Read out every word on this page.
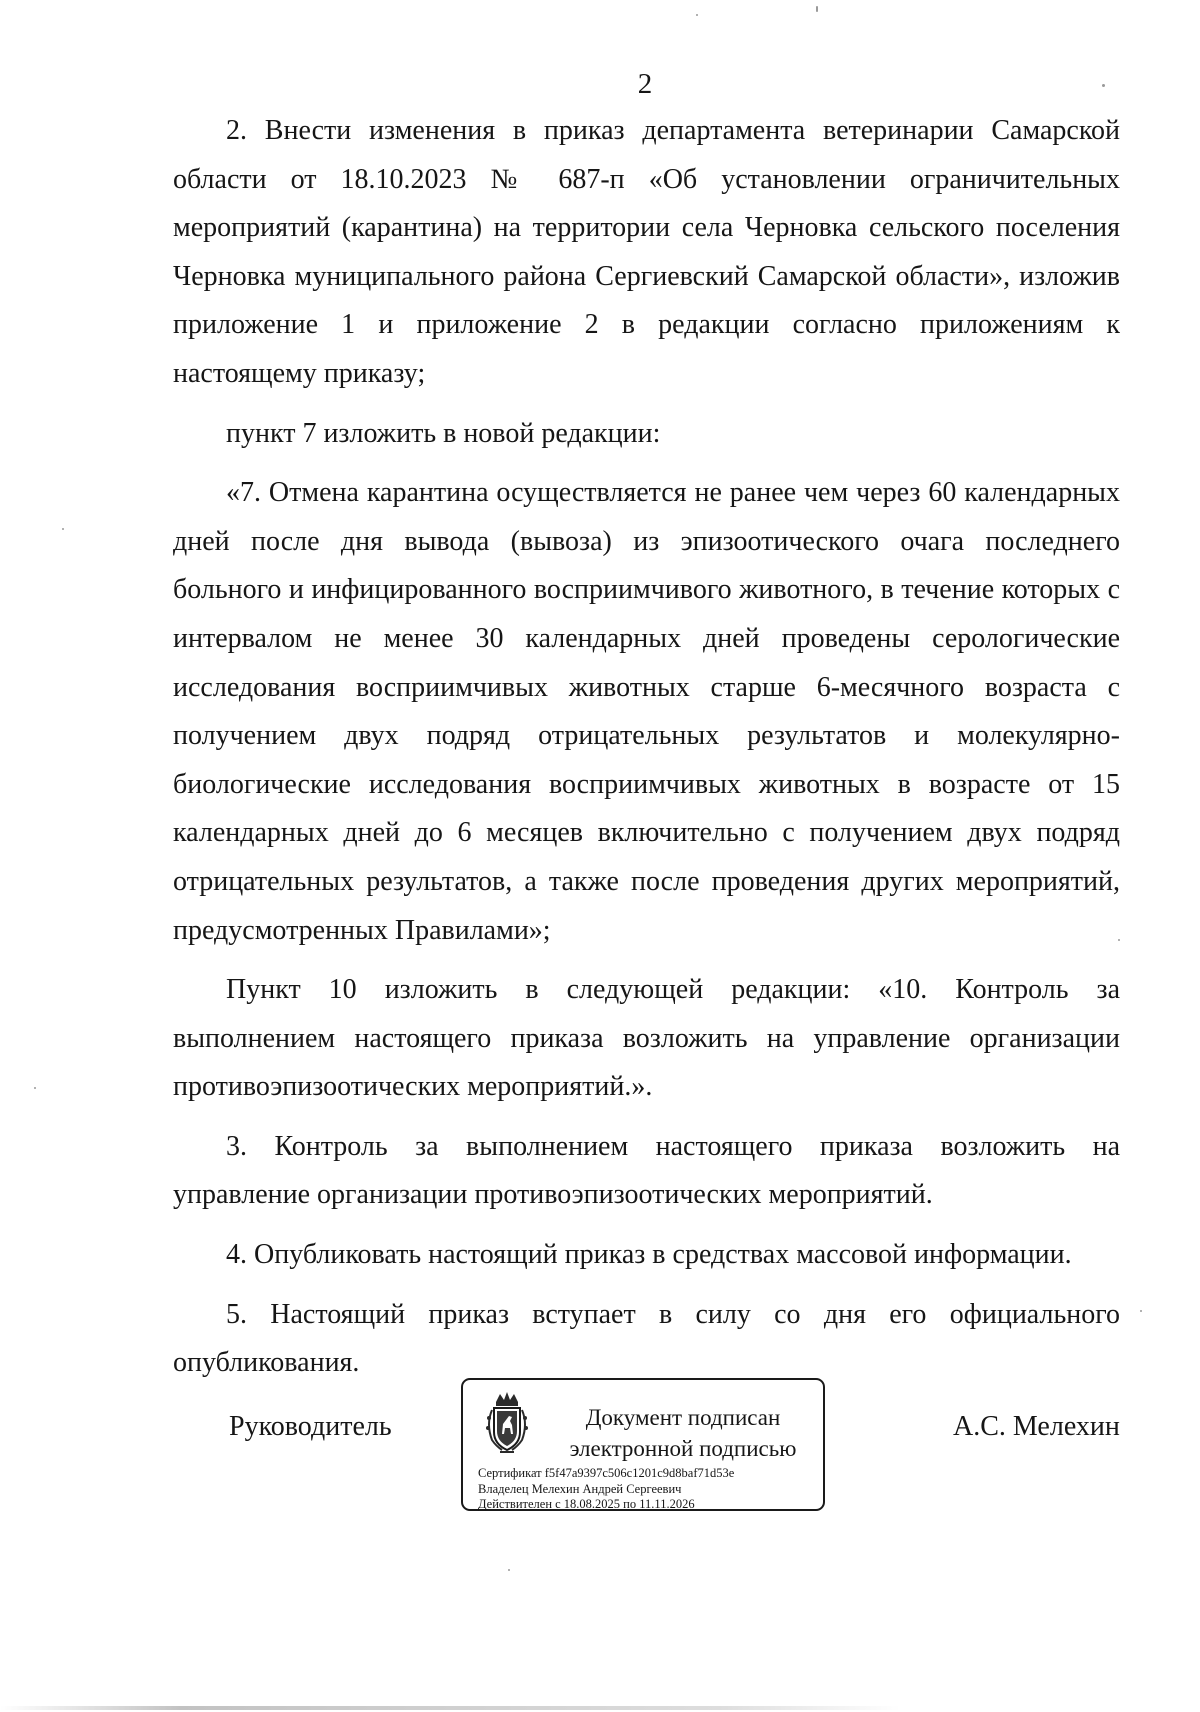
2

2. Внести изменения в приказ департамента ветеринарии Самарской области от 18.10.2023 № 687-п «Об установлении ограничительных мероприятий (карантина) на территории села Черновка сельского поселения Черновка муниципального района Сергиевский Самарской области», изложив приложение 1 и приложение 2 в редакции согласно приложениям к настоящему приказу;

пункт 7 изложить в новой редакции:

«7. Отмена карантина осуществляется не ранее чем через 60 календарных дней после дня вывода (вывоза) из эпизоотического очага последнего больного и инфицированного восприимчивого животного, в течение которых с интервалом не менее 30 календарных дней проведены серологические исследования восприимчивых животных старше 6-месячного возраста с получением двух подряд отрицательных результатов и молекулярно-биологические исследования восприимчивых животных в возрасте от 15 календарных дней до 6 месяцев включительно с получением двух подряд отрицательных результатов, а также после проведения других мероприятий, предусмотренных Правилами»;

Пункт 10 изложить в следующей редакции: «10. Контроль за выполнением настоящего приказа возложить на управление организации противоэпизоотических мероприятий.».

3. Контроль за выполнением настоящего приказа возложить на управление организации противоэпизоотических мероприятий.

4. Опубликовать настоящий приказ в средствах массовой информации.

5. Настоящий приказ вступает в силу со дня его официального опубликования.

Руководитель	Документ подписан
электронной подписью
Сертификат f5f47a9397c506c1201c9d8baf71d53e
Владелец Мелехин Андрей Сергеевич
Действителен с 18.08.2025 по 11.11.2026
А.С. Мелехин
